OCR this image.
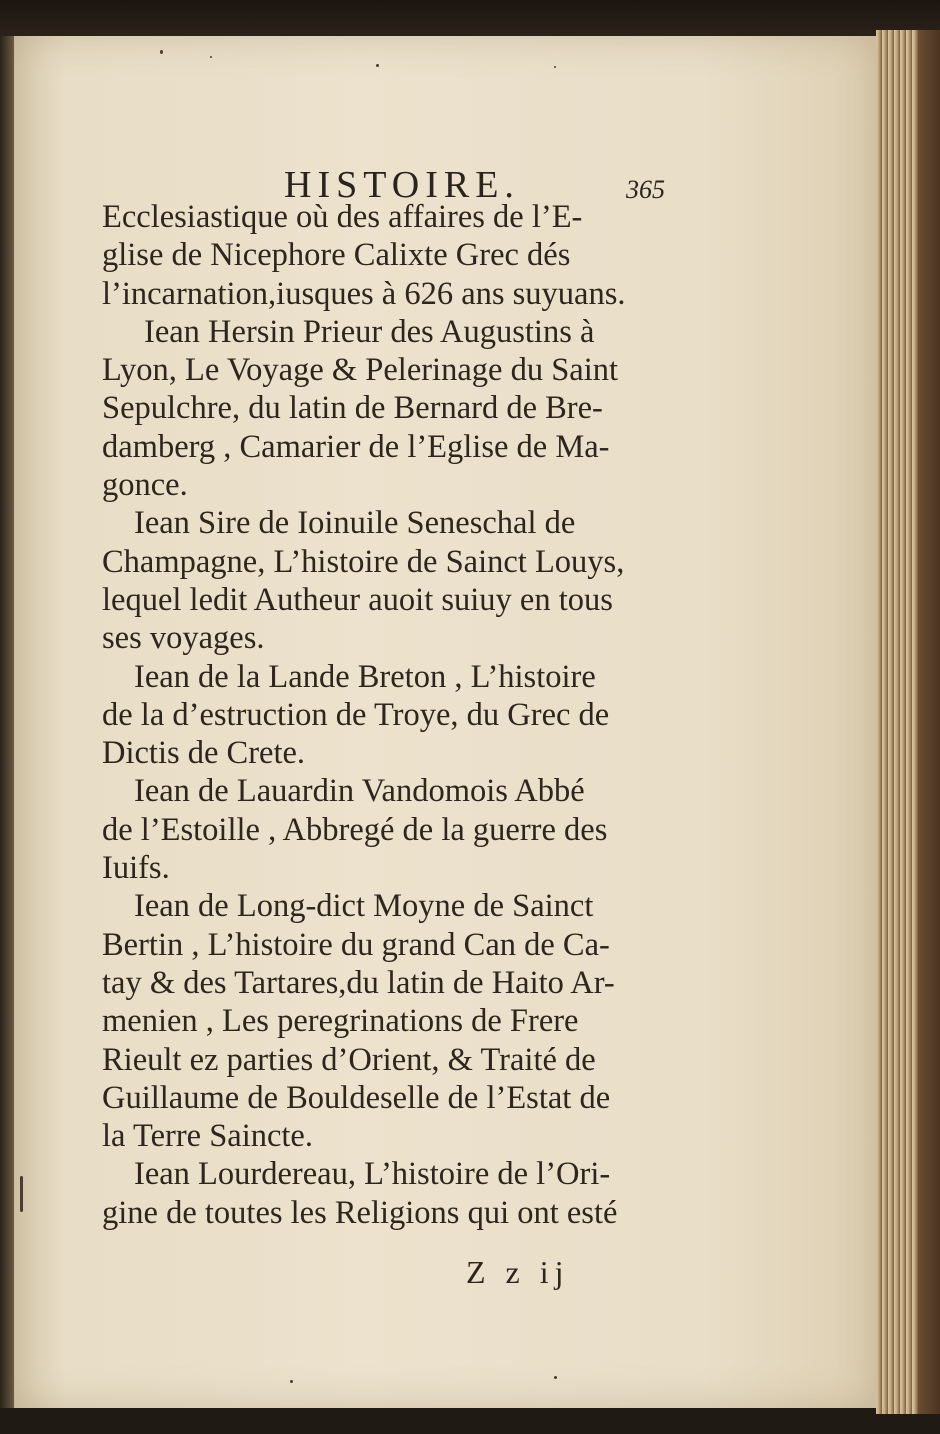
HISTOIRE.	365
Ecclesiastique où des affaires de l’E-
glise de Nicephore Calixte Grec dés
l’incarnation,iusques à 626 ans suyuans.
Iean Hersin Prieur des Augustins à
Lyon, Le Voyage & Pelerinage du Saint
Sepulchre, du latin de Bernard de Bre-
damberg , Camarier de l’Eglise de Ma-
gonce.
Iean Sire de Ioinuile Seneschal de
Champagne, L’histoire de Sainct Louys,
lequel ledit Autheur auoit suiuy en tous
ses voyages.
Iean de la Lande Breton , L’histoire
de la d’estruction de Troye, du Grec de
Dictis de Crete.
Iean de Lauardin Vandomois Abbé
de l’Estoille , Abbregé de la guerre des
Iuifs.
Iean de Long-dict Moyne de Sainct
Bertin , L’histoire du grand Can de Ca-
tay & des Tartares,du latin de Haito Ar-
menien , Les peregrinations de Frere
Rieult ez parties d’Orient, & Traité de
Guillaume de Bouldeselle de l’Estat de
la Terre Saincte.
Iean Lourdereau, L’histoire de l’Ori-
gine de toutes les Religions qui ont esté
Z z ij
